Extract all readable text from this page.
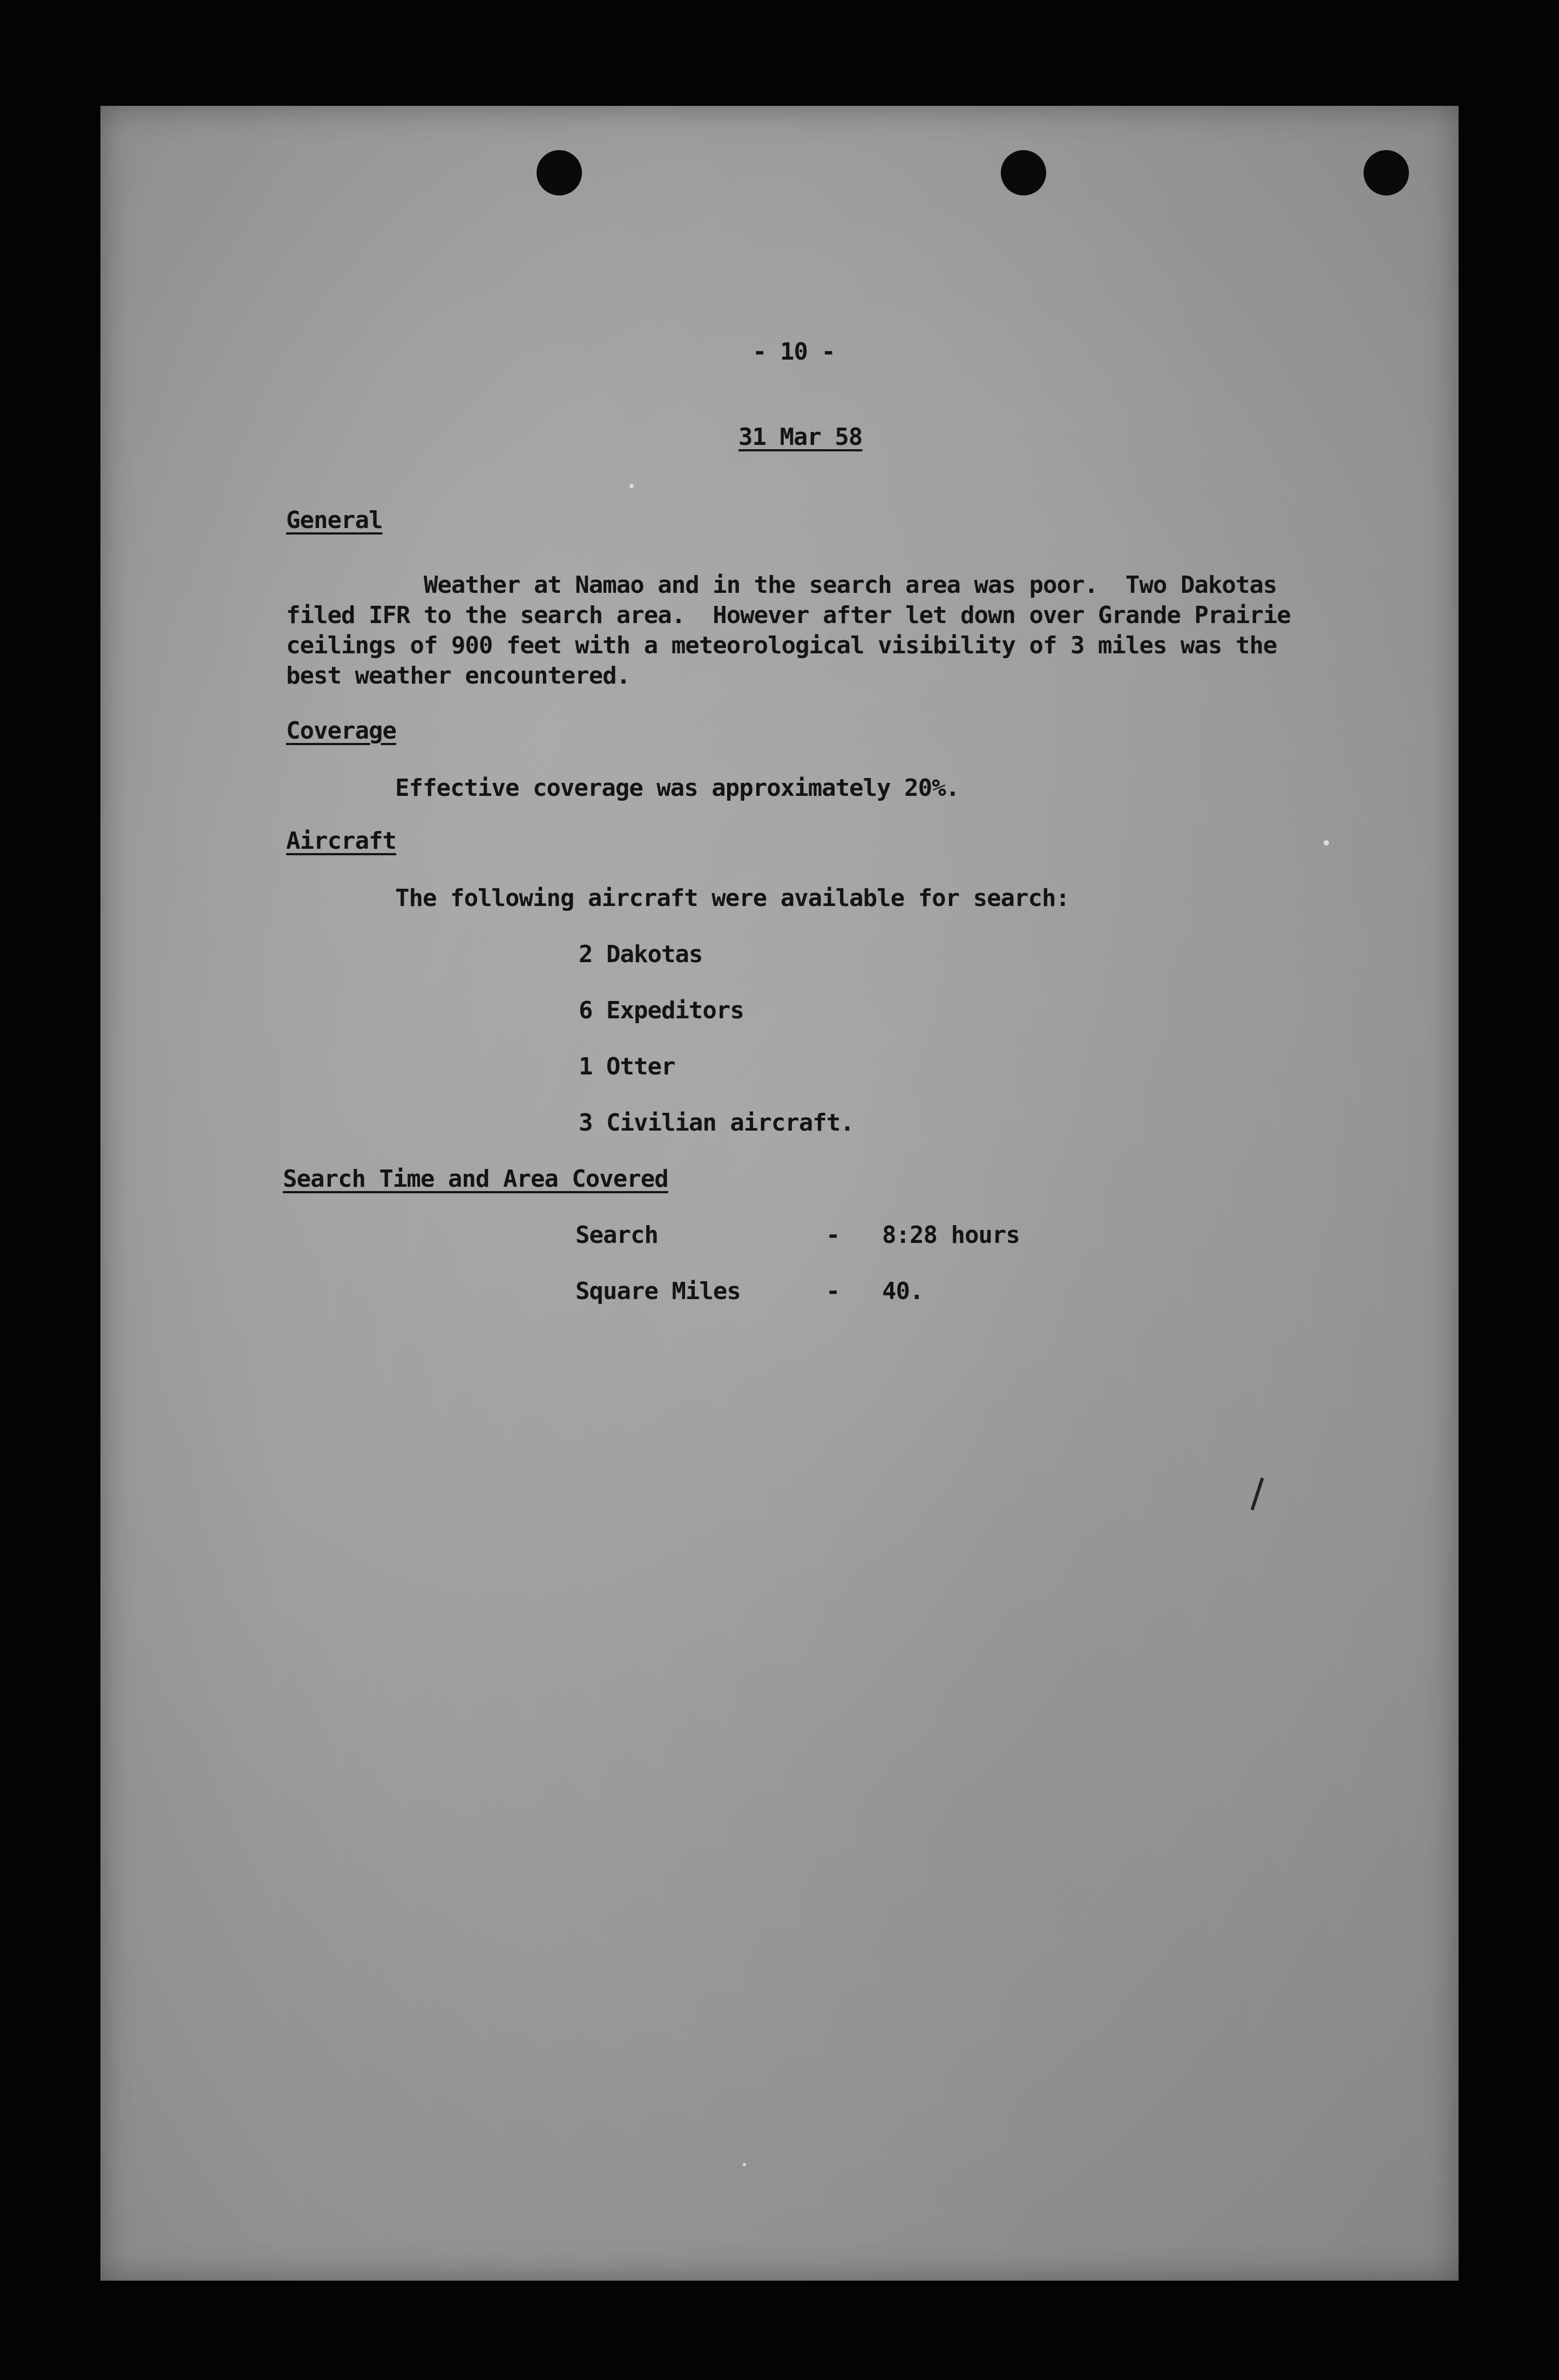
- 10 -
31 Mar 58
General
Weather at Namao and in the search area was poor.  Two Dakotas
filed IFR to the search area.  However after let down over Grande Prairie
ceilings of 900 feet with a meteorological visibility of 3 miles was the
best weather encountered.
Coverage
Effective coverage was approximately 20%.
Aircraft
The following aircraft were available for search:
2 Dakotas
6 Expeditors
1 Otter
3 Civilian aircraft.
Search Time and Area Covered
Search	- 8:28 hours
Square Miles	- 40.
